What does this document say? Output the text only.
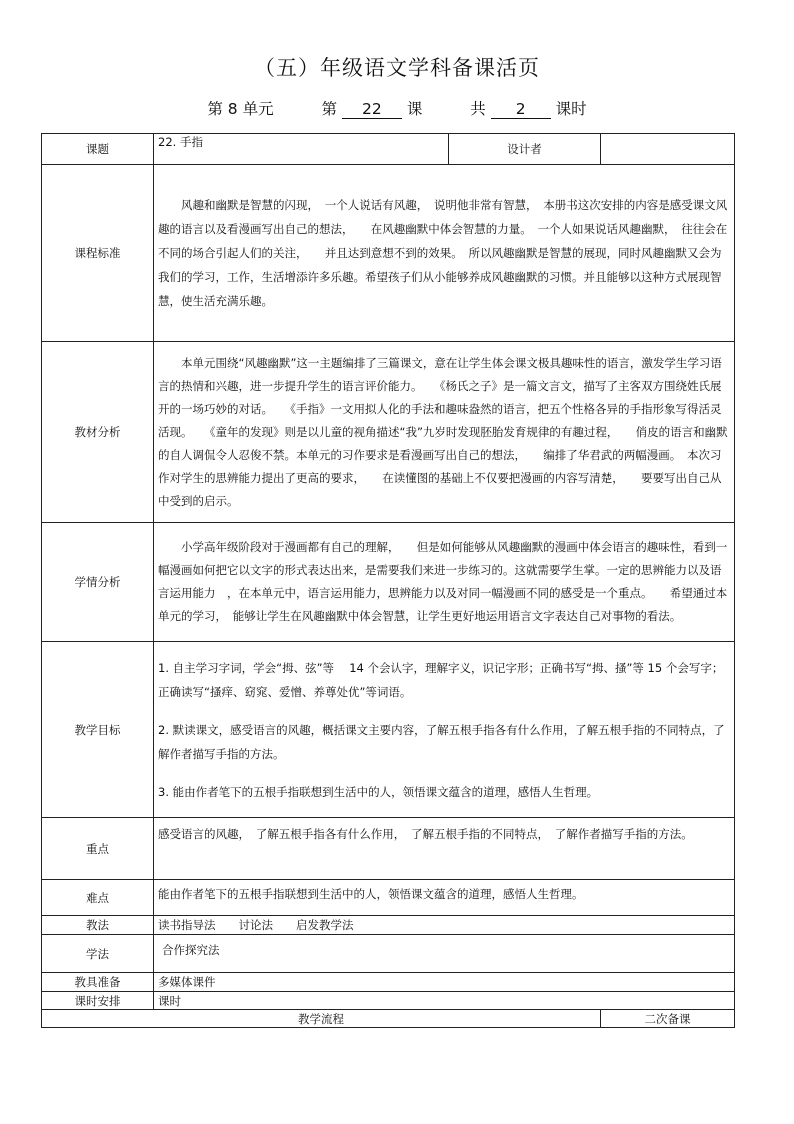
（五）年级语文学科备课活页
第 8 单元	第 22 课	共 2 课时
课题	22. 手指	设计者	
课程标准	风趣和幽默是智慧的闪现，　一个人说话有风趣，　说明他非常有智慧，　本册书这次安排的内容是感受课文风趣的语言以及看漫画写出自己的想法，　　在风趣幽默中体会智慧的力量。　一个人如果说话风趣幽默，　往往会在不同的场合引起人们的关注，　　并且达到意想不到的效果。　所以风趣幽默是智慧的展现，同时风趣幽默又会为我们的学习，工作，生活增添许多乐趣。希望孩子们从小能够养成风趣幽默的习惯。并且能够以这种方式展现智慧，使生活充满乐趣。		

教材分析	本单元围绕“风趣幽默”这一主题编排了三篇课文，意在让学生体会课文极具趣味性的语言，激发学生学习语言的热情和兴趣，进一步提升学生的语言评价能力。　　《杨氏之子》是一篇文言文，描写了主客双方围绕姓氏展开的一场巧妙的对话。　　《手指》一文用拟人化的手法和趣味盎然的语言，把五个性格各异的手指形象写得活灵活现。　　《童年的发现》则是以儿童的视角描述“我”九岁时发现胚胎发育规律的有趣过程，　　俏皮的语言和幽默的自人调侃令人忍俊不禁。本单元的习作要求是看漫画写出自己的想法，　　编排了华君武的两幅漫画。　本次习作对学生的思辨能力提出了更高的要求，　　在读懂图的基础上不仅要把漫画的内容写清楚，　　要要写出自己从中受到的启示。		

学情分析	小学高年级阶段对于漫画都有自己的理解，　　但是如何能够从风趣幽默的漫画中体会语言的趣味性，看到一幅漫画如何把它以文字的形式表达出来，是需要我们来进一步练习的。这就需要学生掌。一定的思辨能力以及语言运用能力　，在本单元中，语言运用能力，思辨能力以及对同一幅漫画不同的感受是一个重点。　　希望通过本单元的学习，　能够让学生在风趣幽默中体会智慧，让学生更好地运用语言文字表达自己对事物的看法。		

教学目标	1. 自主学习字词，学会“拇、弦”等　 14 个会认字，理解字义，识记字形；正确书写“拇、搔”等 15 个会写字；正确读写“搔痒、窈窕、爱憎、养尊处优”等词语。

2. 默读课文，感受语言的风趣，概括课文主要内容，了解五根手指各有什么作用，了解五根手指的不同特点，了解作者描写手指的方法。

3. 能由作者笔下的五根手指联想到生活中的人，领悟课文蕴含的道理，感悟人生哲理。		

重点	感受语言的风趣，　了解五根手指各有什么作用，　了解五根手指的不同特点，　了解作者描写手指的方法。		

难点	能由作者笔下的五根手指联想到生活中的人，领悟课文蕴含的道理，感悟人生哲理。		
教法	读书指导法　　讨论法　　启发教学法		
学法	合作探究法		
教具准备	多媒体课件		
课时安排	课时		
教学流程			二次备课
